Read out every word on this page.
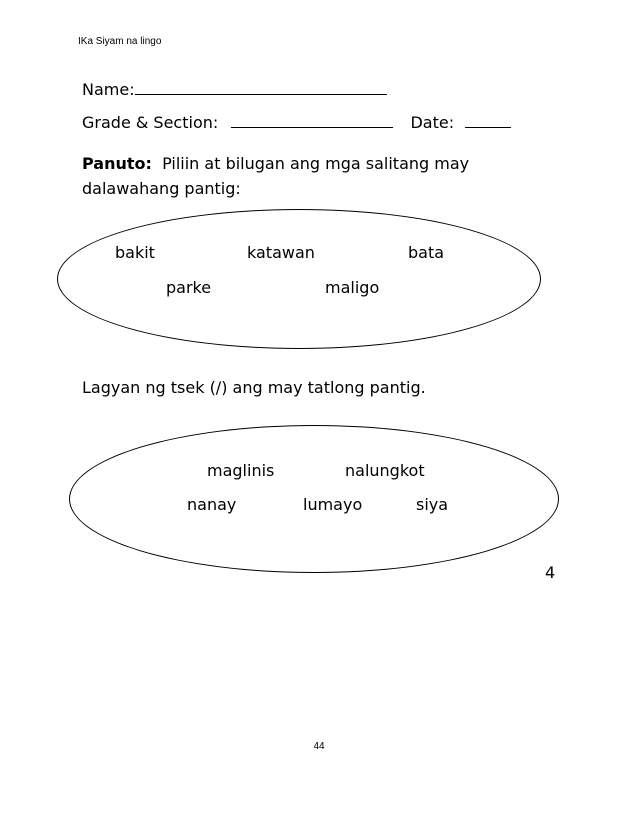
IKa Siyam na lingo
Name:
Grade & Section:	Date:
Panuto: Piliin at bilugan ang mga salitang may
dalawahang pantig:
bakit	katawan	bata
parke	maligo
Lagyan ng tsek (/) ang may tatlong pantig.
maglinis	nalungkot
nanay	lumayo	siya
4
44
